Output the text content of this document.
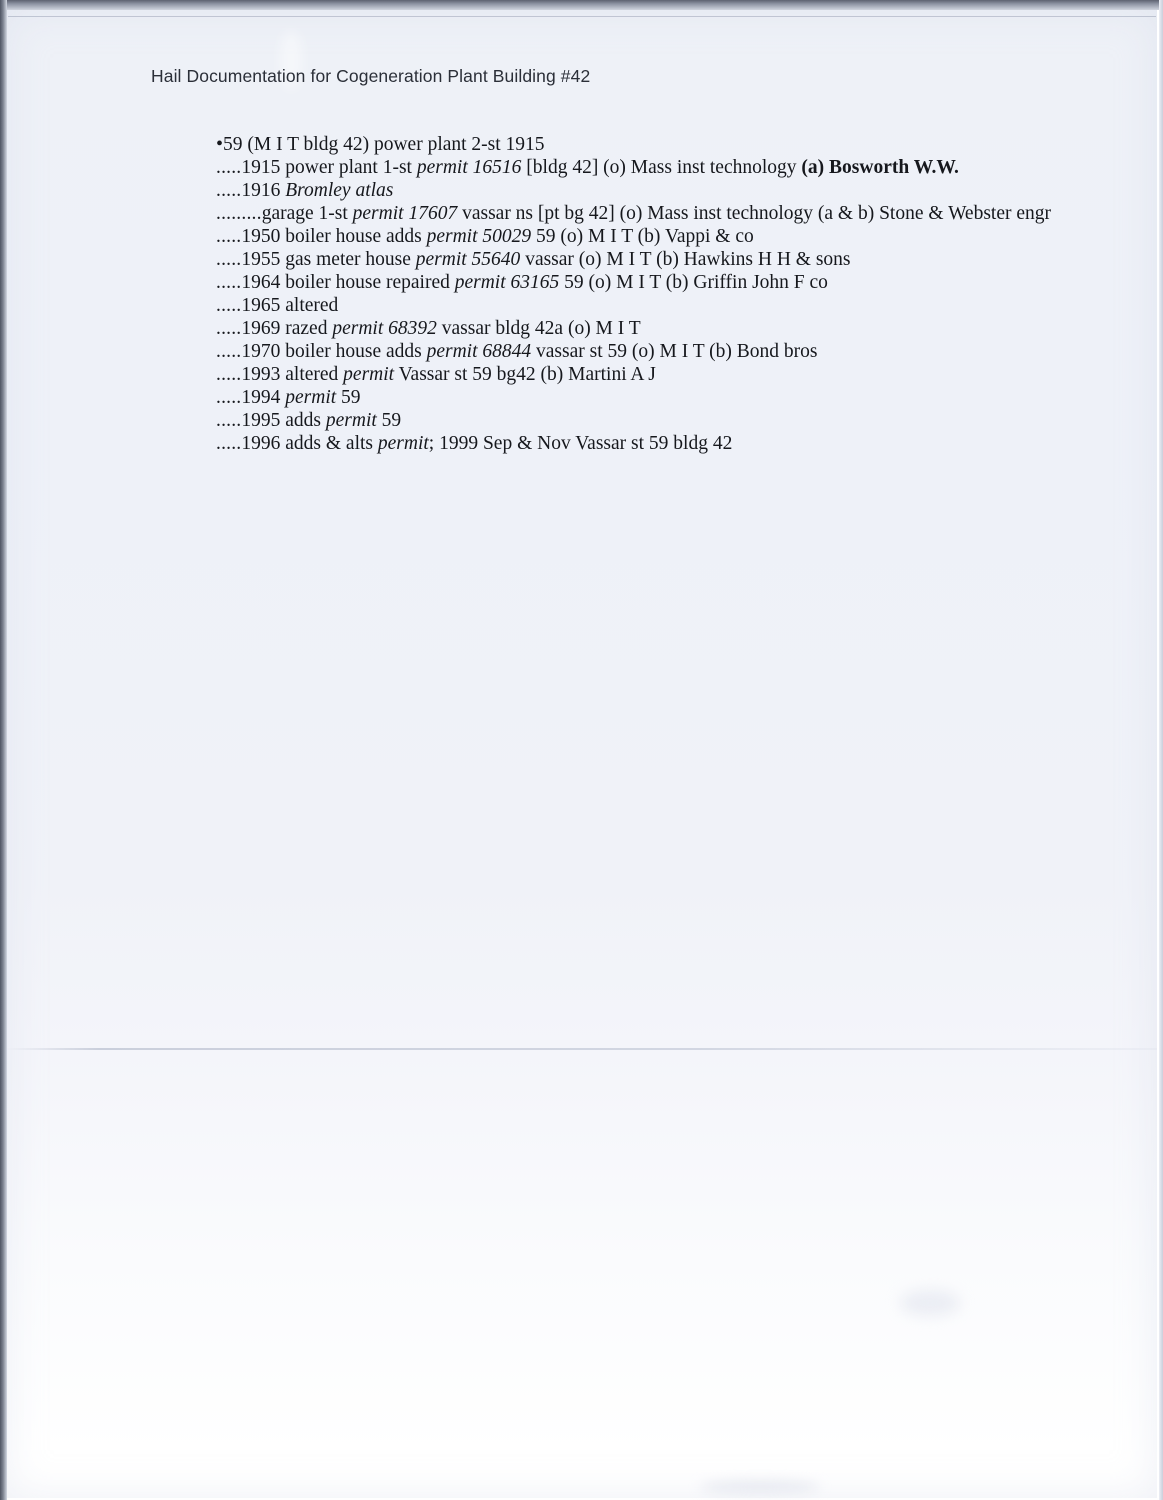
Hail Documentation for Cogeneration Plant Building #42
•59 (M I T bldg 42) power plant 2-st 1915
.....1915 power plant 1-st permit 16516 [bldg 42] (o) Mass inst technology (a) Bosworth W.W.
.....1916 Bromley atlas
.........garage 1-st permit 17607 vassar ns [pt bg 42] (o) Mass inst technology (a & b) Stone & Webster engr
.....1950 boiler house adds permit 50029 59 (o) M I T (b) Vappi & co
.....1955 gas meter house permit 55640 vassar (o) M I T (b) Hawkins H H & sons
.....1964 boiler house repaired permit 63165 59 (o) M I T (b) Griffin John F co
.....1965 altered
.....1969 razed permit 68392 vassar bldg 42a (o) M I T
.....1970 boiler house adds permit 68844 vassar st 59 (o) M I T (b) Bond bros
.....1993 altered permit Vassar st 59 bg42 (b) Martini A J
.....1994 permit 59
.....1995 adds permit 59
.....1996 adds & alts permit; 1999 Sep & Nov Vassar st 59 bldg 42
